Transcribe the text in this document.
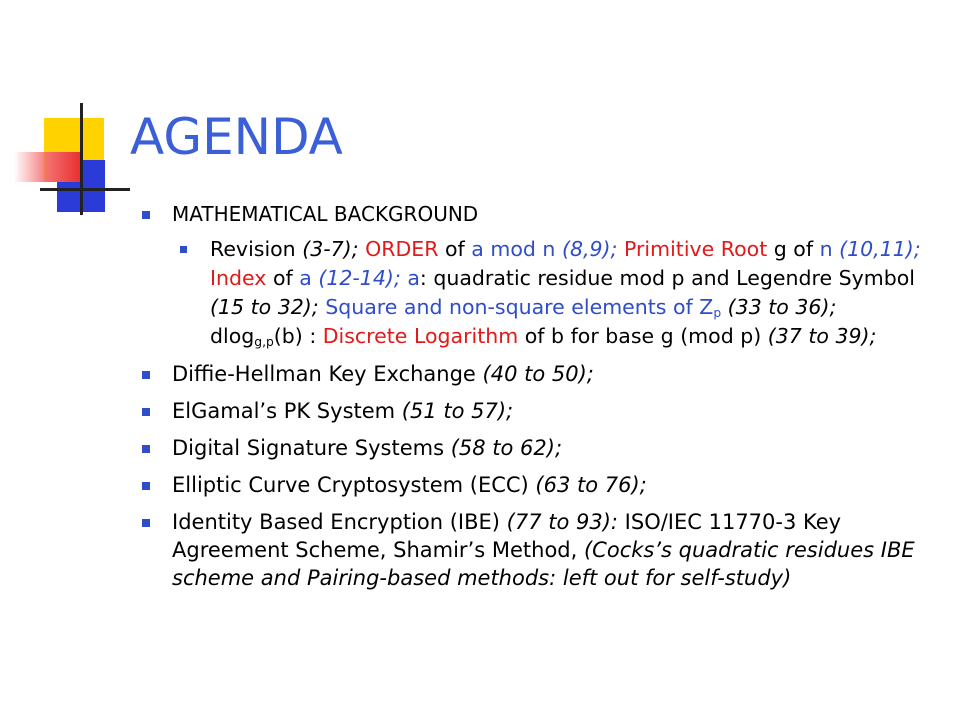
AGENDA
MATHEMATICAL BACKGROUND
Revision (3-7); ORDER of a mod n (8,9); Primitive Root g of n (10,11); Index of a (12-14); a: quadratic residue mod p and Legendre Symbol (15 to 32); Square and non-square elements of $Z_p$ (33 to 36); dlog$_{g,p}$(b) : Discrete Logarithm of b for base g (mod p) (37 to 39);
Diffie-Hellman Key Exchange (40 to 50);
ElGamal’s PK System (51 to 57);
Digital Signature Systems (58 to 62);
Elliptic Curve Cryptosystem (ECC) (63 to 76);
Identity Based Encryption (IBE) (77 to 93): ISO/IEC 11770-3 Key Agreement Scheme, Shamir’s Method, (Cocks’s quadratic residues IBE scheme and Pairing-based methods: left out for self-study)
